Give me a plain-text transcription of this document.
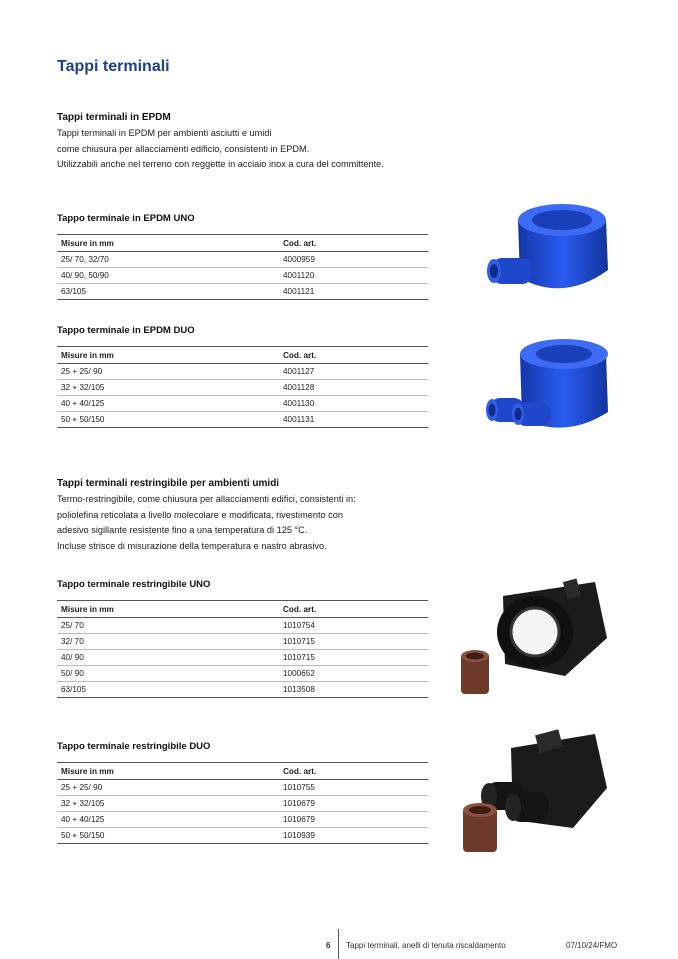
Tappi terminali
Tappi terminali in EPDM

Tappi terminali in EPDM per ambienti asciutti e umidi

come chiusura per allacciamenti edificio, consistenti in EPDM.

Utilizzabili anche nel terreno con reggette in acciaio inox a cura del committente.

Tappo terminale in EPDM UNO
Misure in mm	Cod. art.
25/ 70, 32/70	4000959
40/ 90, 50/90	4001120
63/105	4001121
Tappo terminale in EPDM DUO
Misure in mm	Cod. art.
25 + 25/ 90	4001127
32 + 32/105	4001128
40 + 40/125	4001130
50 + 50/150	4001131
Tappi terminali restringibile per ambienti umidi

Termo-restringibile, come chiusura per allacciamenti edifici, consistenti in:

poliolefina reticolata a livello molecolare e modificata, rivestimento con

adesivo sigillante resistente fino a una temperatura di 125 °C.

Incluse strisce di misurazione della temperatura e nastro abrasivo.

Tappo terminale restringibile UNO
Misure in mm	Cod. art.
25/ 70	1010754
32/ 70	1010715
40/ 90	1010715
50/ 90	1000652
63/105	1013508
Tappo terminale restringibile DUO
Misure in mm	Cod. art.
25 + 25/ 90	1010755
32 + 32/105	1010679
40 + 40/125	1010679
50 + 50/150	1010939
6 Tappi terminali, anelli di tenuta riscaldamento	07/10/24/FMO
